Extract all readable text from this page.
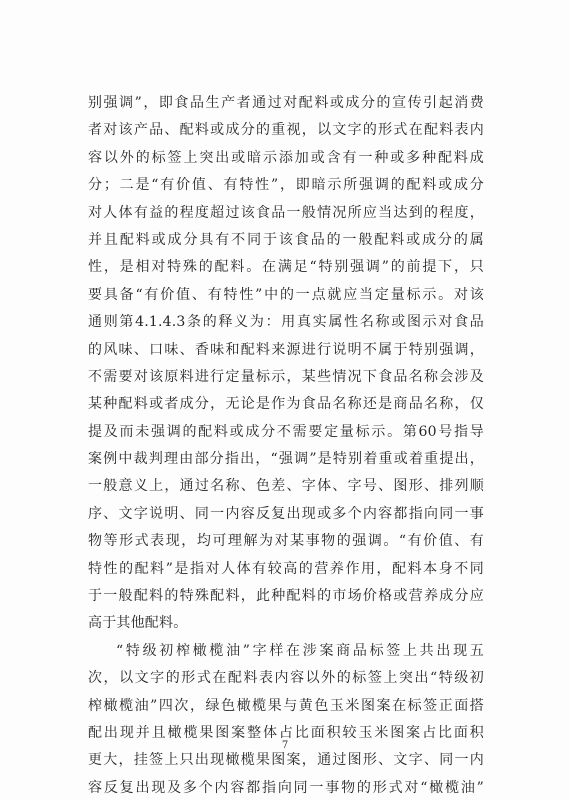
别强调”，即食品生产者通过对配料或成分的宣传引起消费
者对该产品、配料或成分的重视，以文字的形式在配料表内
容以外的标签上突出或暗示添加或含有一种或多种配料成
分；二是“有价值、有特性”，即暗示所强调的配料或成分
对人体有益的程度超过该食品一般情况所应当达到的程度，
并且配料或成分具有不同于该食品的一般配料或成分的属
性，是相对特殊的配料。在满足“特别强调”的前提下，只
要具备“有价值、有特性”中的一点就应当定量标示。对该
通则第4.1.4.3条的释义为：用真实属性名称或图示对食品
的风味、口味、香味和配料来源进行说明不属于特别强调，
不需要对该原料进行定量标示，某些情况下食品名称会涉及
某种配料或者成分，无论是作为食品名称还是商品名称，仅
提及而未强调的配料或成分不需要定量标示。第60号指导
案例中裁判理由部分指出，“强调”是特别着重或着重提出，
一般意义上，通过名称、色差、字体、字号、图形、排列顺
序、文字说明、同一内容反复出现或多个内容都指向同一事
物等形式表现，均可理解为对某事物的强调。“有价值、有
特性的配料”是指对人体有较高的营养作用，配料本身不同
于一般配料的特殊配料，此种配料的市场价格或营养成分应
高于其他配料。
“特级初榨橄榄油”字样在涉案商品标签上共出现五
次，以文字的形式在配料表内容以外的标签上突出“特级初
榨橄榄油”四次，绿色橄榄果与黄色玉米图案在标签正面搭
配出现并且橄榄果图案整体占比面积较玉米图案占比面积
更大，挂签上只出现橄榄果图案，通过图形、文字、同一内
容反复出现及多个内容都指向同一事物的形式对“橄榄油”
7
